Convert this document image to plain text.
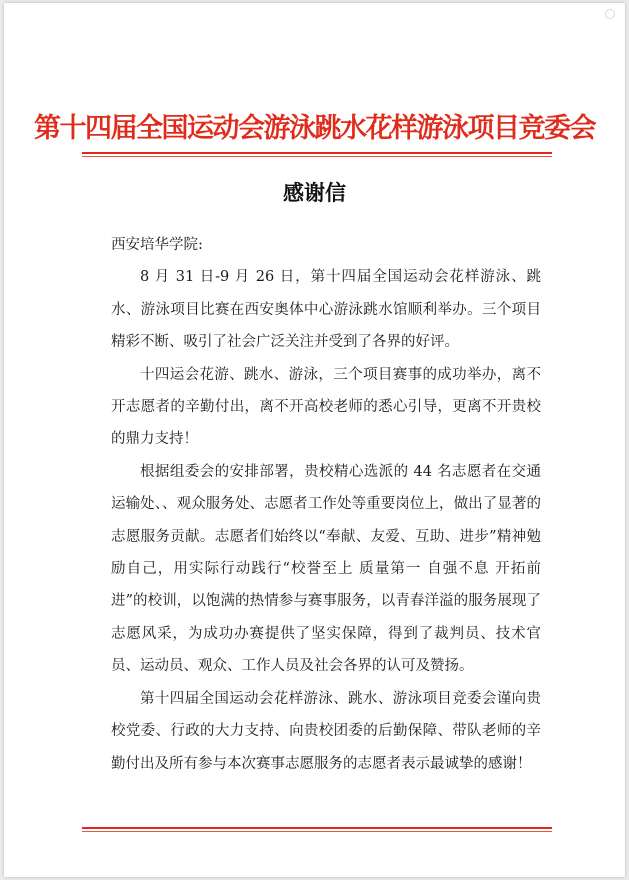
第十四届全国运动会游泳跳水花样游泳项目竞委会
感谢信

西安培华学院:

8 月 31 日-9 月 26 日，第十四届全国运动会花样游泳、跳水、游泳项目比赛在西安奥体中心游泳跳水馆顺利举办。三个项目精彩不断、吸引了社会广泛关注并受到了各界的好评。

十四运会花游、跳水、游泳，三个项目赛事的成功举办，离不开志愿者的辛勤付出，离不开高校老师的悉心引导，更离不开贵校的鼎力支持！

根据组委会的安排部署，贵校精心选派的 44 名志愿者在交通运输处、、观众服务处、志愿者工作处等重要岗位上，做出了显著的志愿服务贡献。志愿者们始终以“奉献、友爱、互助、进步”精神勉励自己，用实际行动践行“校誉至上 质量第一 自强不息 开拓前进”的校训，以饱满的热情参与赛事服务，以青春洋溢的服务展现了志愿风采，为成功办赛提供了坚实保障，得到了裁判员、技术官员、运动员、观众、工作人员及社会各界的认可及赞扬。

第十四届全国运动会花样游泳、跳水、游泳项目竞委会谨向贵校党委、行政的大力支持、向贵校团委的后勤保障、带队老师的辛勤付出及所有参与本次赛事志愿服务的志愿者表示最诚挚的感谢！
